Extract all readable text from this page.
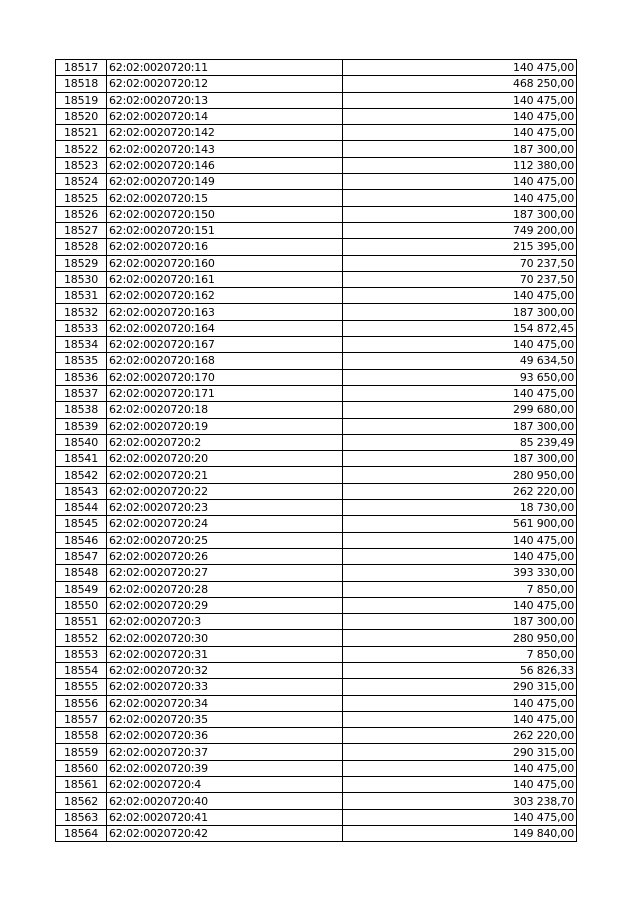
18517	62:02:0020720:11	140 475,00
18518	62:02:0020720:12	468 250,00
18519	62:02:0020720:13	140 475,00
18520	62:02:0020720:14	140 475,00
18521	62:02:0020720:142	140 475,00
18522	62:02:0020720:143	187 300,00
18523	62:02:0020720:146	112 380,00
18524	62:02:0020720:149	140 475,00
18525	62:02:0020720:15	140 475,00
18526	62:02:0020720:150	187 300,00
18527	62:02:0020720:151	749 200,00
18528	62:02:0020720:16	215 395,00
18529	62:02:0020720:160	70 237,50
18530	62:02:0020720:161	70 237,50
18531	62:02:0020720:162	140 475,00
18532	62:02:0020720:163	187 300,00
18533	62:02:0020720:164	154 872,45
18534	62:02:0020720:167	140 475,00
18535	62:02:0020720:168	49 634,50
18536	62:02:0020720:170	93 650,00
18537	62:02:0020720:171	140 475,00
18538	62:02:0020720:18	299 680,00
18539	62:02:0020720:19	187 300,00
18540	62:02:0020720:2	85 239,49
18541	62:02:0020720:20	187 300,00
18542	62:02:0020720:21	280 950,00
18543	62:02:0020720:22	262 220,00
18544	62:02:0020720:23	18 730,00
18545	62:02:0020720:24	561 900,00
18546	62:02:0020720:25	140 475,00
18547	62:02:0020720:26	140 475,00
18548	62:02:0020720:27	393 330,00
18549	62:02:0020720:28	7 850,00
18550	62:02:0020720:29	140 475,00
18551	62:02:0020720:3	187 300,00
18552	62:02:0020720:30	280 950,00
18553	62:02:0020720:31	7 850,00
18554	62:02:0020720:32	56 826,33
18555	62:02:0020720:33	290 315,00
18556	62:02:0020720:34	140 475,00
18557	62:02:0020720:35	140 475,00
18558	62:02:0020720:36	262 220,00
18559	62:02:0020720:37	290 315,00
18560	62:02:0020720:39	140 475,00
18561	62:02:0020720:4	140 475,00
18562	62:02:0020720:40	303 238,70
18563	62:02:0020720:41	140 475,00
18564	62:02:0020720:42	149 840,00
